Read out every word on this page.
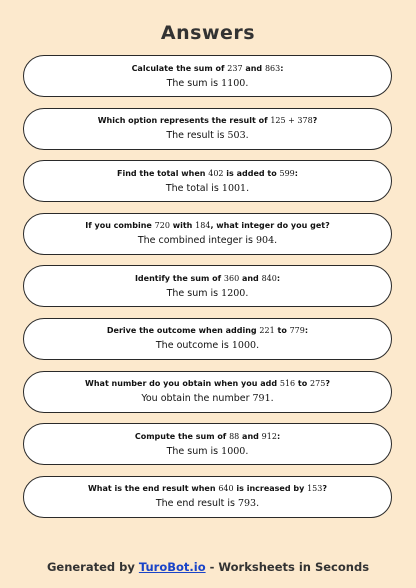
Answers
Calculate the sum of 237 and 863:
The sum is 1100.
Which option represents the result of 125 + 378?
The result is 503.
Find the total when 402 is added to 599:
The total is 1001.
If you combine 720 with 184, what integer do you get?
The combined integer is 904.
Identify the sum of 360 and 840:
The sum is 1200.
Derive the outcome when adding 221 to 779:
The outcome is 1000.
What number do you obtain when you add 516 to 275?
You obtain the number 791.
Compute the sum of 88 and 912:
The sum is 1000.
What is the end result when 640 is increased by 153?
The end result is 793.
Generated by TuroBot.io - Worksheets in Seconds
